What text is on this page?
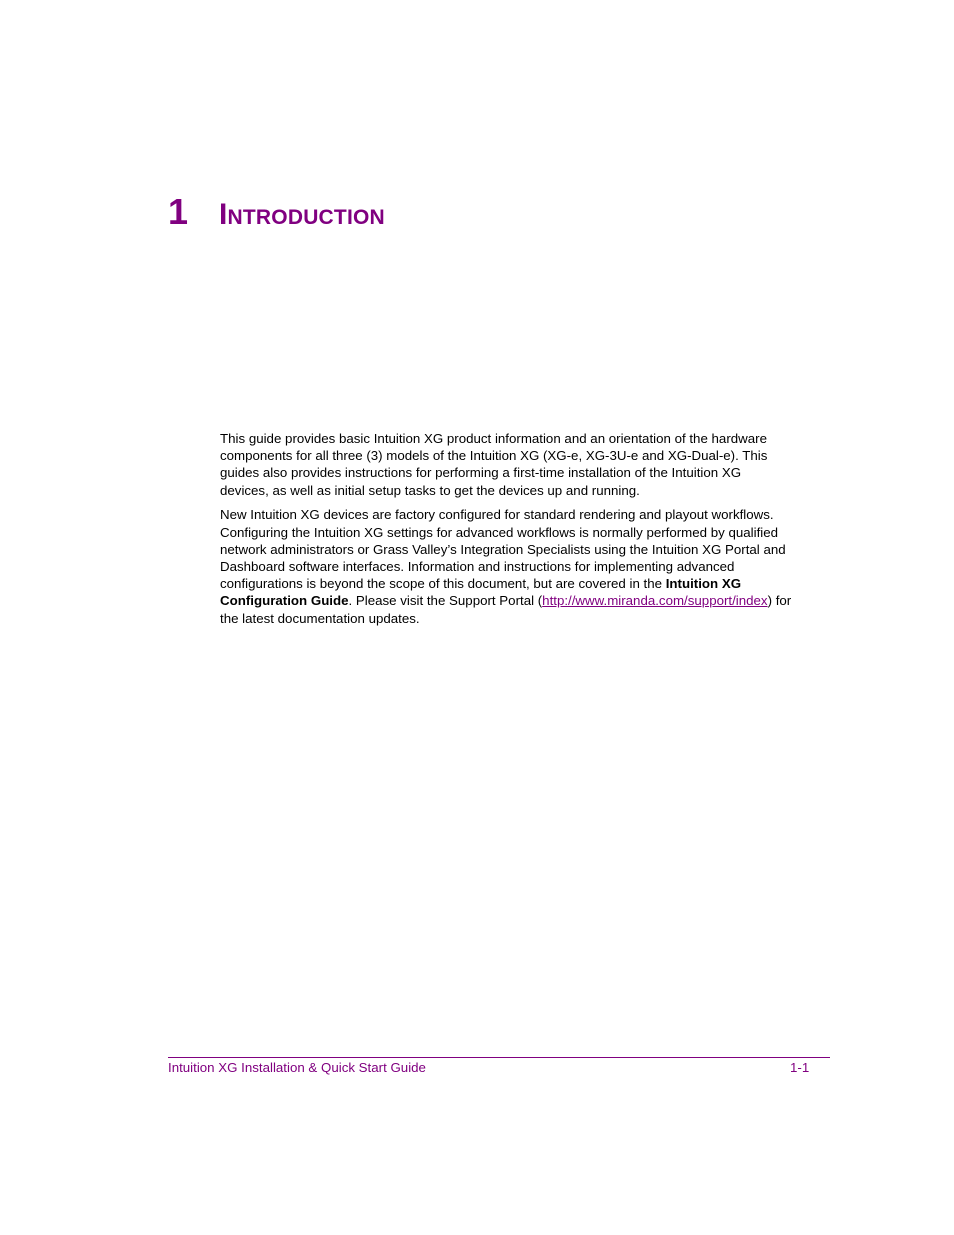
1 Introduction

This guide provides basic Intuition XG product information and an orientation of the hardware components for all three (3) models of the Intuition XG (XG-e, XG-3U-e and XG-Dual-e). This guides also provides instructions for performing a first-time installation of the Intuition XG devices, as well as initial setup tasks to get the devices up and running.

New Intuition XG devices are factory configured for standard rendering and playout workflows. Configuring the Intuition XG settings for advanced workflows is normally performed by qualified network administrators or Grass Valley’s Integration Specialists using the Intuition XG Portal and Dashboard software interfaces. Information and instructions for implementing advanced configurations is beyond the scope of this document, but are covered in the Intuition XG Configuration Guide. Please visit the Support Portal (http://www.miranda.com/support/index) for the latest documentation updates.

Intuition XG Installation & Quick Start Guide	1-1
